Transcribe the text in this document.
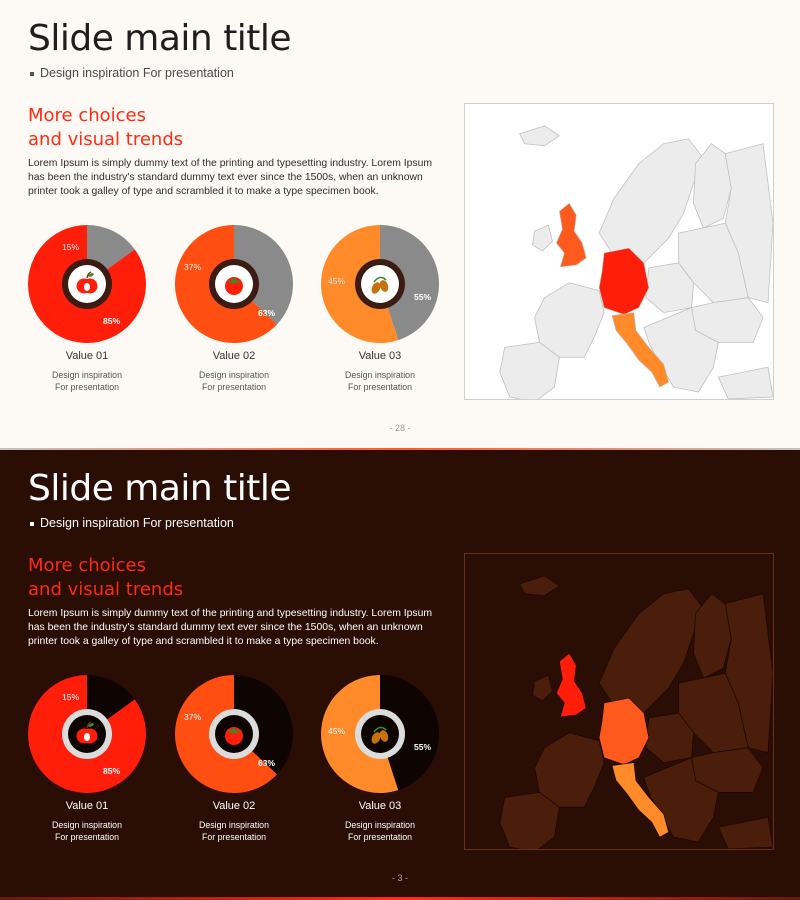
Slide main title
Design inspiration For presentation
More choices
and visual trends
Lorem Ipsum is simply dummy text of the printing and typesetting industry. Lorem Ipsum has been the industry's standard dummy text ever since the 1500s, when an unknown printer took a galley of type and scrambled it to make a type specimen book.
15%
85%
37%
63%
45%
55%
Value 01
Design inspiration
For presentation
Value 02
Design inspiration
For presentation
Value 03
Design inspiration
For presentation
- 28 -
Slide main title
Design inspiration For presentation
More choices
and visual trends
Lorem Ipsum is simply dummy text of the printing and typesetting industry. Lorem Ipsum has been the industry's standard dummy text ever since the 1500s, when an unknown printer took a galley of type and scrambled it to make a type specimen book.
15%
85%
37%
63%
45%
55%
Value 01
Design inspiration
For presentation
Value 02
Design inspiration
For presentation
Value 03
Design inspiration
For presentation
- 3 -
